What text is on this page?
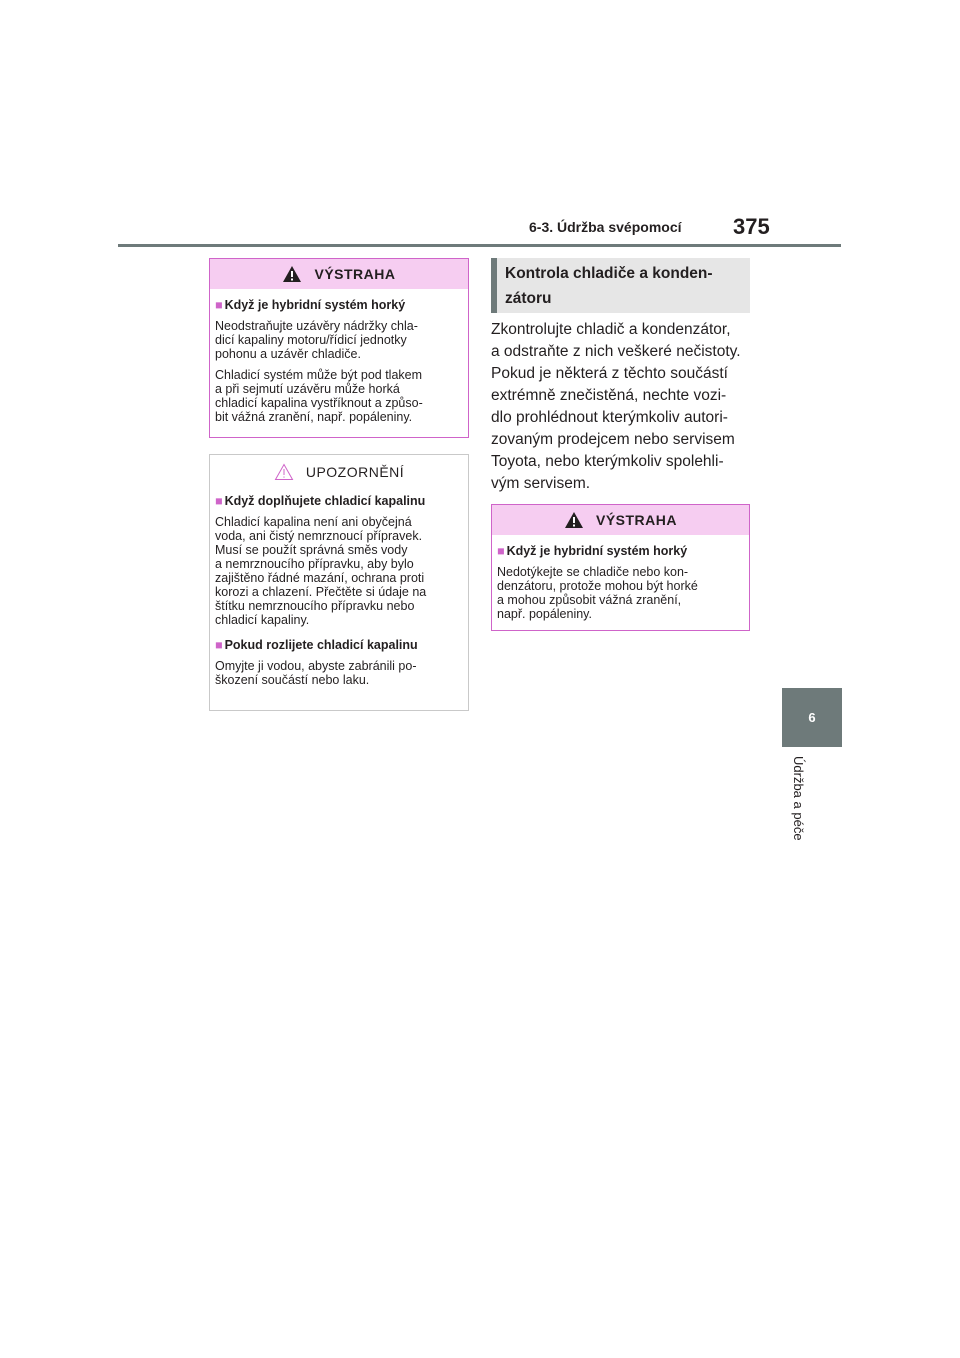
6-3. Údržba svépomocí 375
6
Údržba a péče
VÝSTRAHA
■ Když je hybridní systém horký

Neodstraňujte uzávěry nádržky chla-
dicí kapaliny motoru/řídicí jednotky
pohonu a uzávěr chladiče.

Chladicí systém může být pod tlakem
a při sejmutí uzávěru může horká
chladicí kapalina vystříknout a způso-
bit vážná zranění, např. popáleniny.

UPOZORNĚNÍ
■ Když doplňujete chladicí kapalinu

Chladicí kapalina není ani obyčejná
voda, ani čistý nemrznoucí přípravek.
Musí se použít správná směs vody
a nemrznoucího přípravku, aby bylo
zajištěno řádné mazání, ochrana proti
korozi a chlazení. Přečtěte si údaje na
štítku nemrznoucího přípravku nebo
chladicí kapaliny.

■ Pokud rozlijete chladicí kapalinu

Omyjte ji vodou, abyste zabránili po-
škození součástí nebo laku.

Kontrola chladiče a konden-
zátoru
Zkontrolujte chladič a kondenzátor,
a odstraňte z nich veškeré nečistoty.
Pokud je některá z těchto součástí
extrémně znečistěná, nechte vozi-
dlo prohlédnout kterýmkoliv autori-
zovaným prodejcem nebo servisem
Toyota, nebo kterýmkoliv spolehli-
vým servisem.
VÝSTRAHA
■ Když je hybridní systém horký

Nedotýkejte se chladiče nebo kon-
denzátoru, protože mohou být horké
a mohou způsobit vážná zranění,
např. popáleniny.
